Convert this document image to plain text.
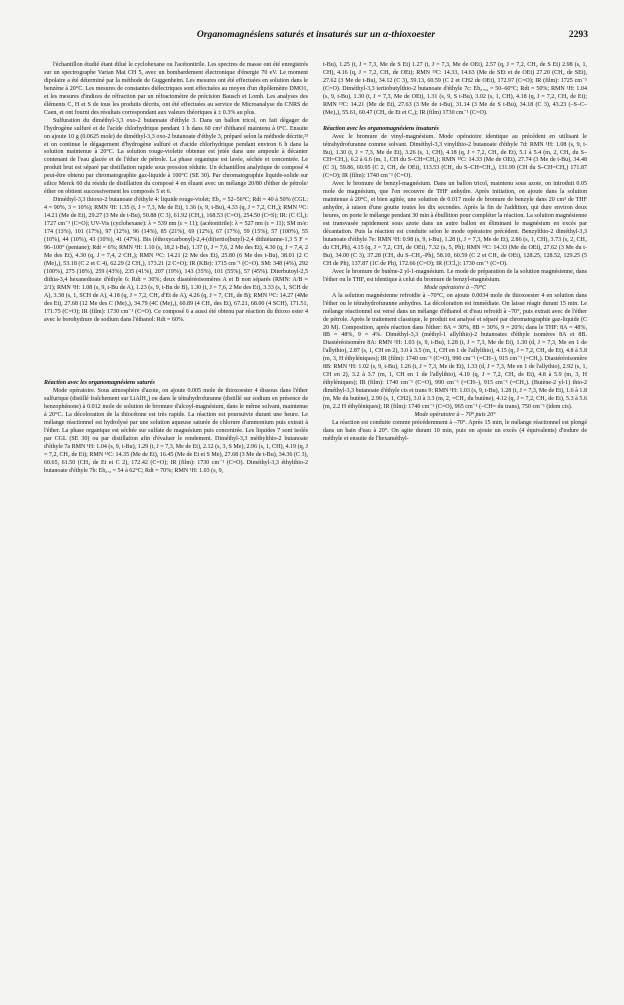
Organomagnésiens saturés et insaturés sur un α-thioxoester	2293

l'échantillon étudié étant dilué le cyclohexane ou l'acétonitrile. Les spectres de masse ont été enregistrés sur un spectrographe Varian Mat CH 5, avec un bombardement électronique d'énergie 70 eV. Le moment dipolaire a été déterminé par la méthode de Guggenheim. Les mesures ont été effectuées en solution dans le benzène à 20°C. Les mesures de constantes diélectriques sont effectuées au moyen d'un dipôlemètre DMO1, et les mesures d'indices de réfraction par un réfractomètre de précision Bausch et Lomb. Les analyses des éléments C, H et S de tous les produits décrits, ont été effectuées au service de Microanalyse du CNRS de Caen, et ont fourni des résultats correspondant aux valeurs théoriques à ± 0.3% au plus.

Sulfuration du diméthyl-3,3 oxo-2 butanoate d'éthyle 3. Dans un ballon tricol, on fait dégager de l'hydrogène sulfuré et de l'acide chlorhydrique pendant 1 h dans 60 cm³ d'éthanol maintenu à 0°C. Ensuite on ajoute 10 g (0.0625 mole) de diméthyl-3,3 oxo-2 butanoate d'éthyle 3, préparé selon la méthode décrite,²³ et on continue le dégagement d'hydrogène sulfuré et d'acide chlorhydrique pendant environ 6 h dans la solution maintenue à 20°C. La solution rouge-violette obtenue est jetée dans une ampoule à décanter contenant de l'eau glacée et de l'éther de pétrole. La phase organique est lavée, séchée et concentrée. Le produit brut est séparé par distillation rapide sous pression réduite. Un échantillon analytique de composé 4 peut-être obtenu par chromatographie gaz-liquide à 100°C (SE 30). Par chromatographie liquide-solide sur silice Merck 60 du résidu de distillation du composé 4 en éluant avec un mélange 20/80 d'éther de pétrole/éther on obtient successivement les composés 5 et 6.

Diméthyl-3,3 thioxo-2 butanoate d'éthyle 4: liquide rouge-violet; Eb₂ = 52–56°C; Rdt = 40 à 50% (CGL: 4 = 90%, 3 = 10%); RMN ¹H: 1.35 (t, J = 7,3, Me de Et), 1.36 (s, 9, t-Bu), 4.33 (q, J = 7,2, CH₂); RMN ¹³C: 14.21 (Me de Et), 29.27 (3 Me de t-Bu), 50.88 (C 3), 61.92 (CH₂), 168.53 (C=O), 254.50 (C=S); IR: (C Cl₄): 1727 cm⁻¹ (C=O); UV-Vis (cyclohexane): λ = 539 nm (ε = 11); (acétonitrile): λ = 527 nm (ε = 11); SM m/e: 174 (13%), 101 (17%), 97 (12%), 96 (14%), 85 (21%), 69 (12%), 67 (17%), 59 (15%), 57 (100%), 55 (10%), 44 (10%), 43 (10%), 41 (47%). Bis (éthoxycarbonyl)-2,4-(di(tertio(butyl)-2,4 dithiétanne-1,3 5 F = 96–100° (pentane); Rdt = 6%; RMN ¹H: 1.10 (s, 18,2 t-Bu), 1.37 (t, J = 7,6, 2 Me des Et), 4.30 (q, J = 7,4, 2 Me des Et), 4.30 (q, J = 7,4, 2 CH₂); RMN ¹³C: 14.21 (2 Me des Et), 25.80 (6 Me des t-Bu), 38.01 (2 C (Me)₃), 53.18 (C 2 et C 4), 62.29 (2 CH₂), 173.21 (2 C=O); IR (KBr): 1715 cm⁻¹ (C=O). SM: 348 (4%), 292 (100%), 275 (18%), 259 (43%), 235 (41%), 207 (19%), 143 (35%), 101 (55%), 57 (45%). Diterbutoyl-2,5 dithia-3,4 hexanedioate d'éthyle 6: Rdt = 30%; deux diastéréoisomères A et B non séparés (RMN: A/B ≈ 2/1); RMN ¹H: 1.08 (s, 9, t-Bu de A), 1.23 (s, 9, t-Bu de B), 1.30 (t, J = 7,6, 2 Me des Et), 3.33 (s, 1, SCH de A), 3.38 (s, 1, SCH de A), 4.18 (q, J = 7,2, CH₂ d'Et de A), 4.26 (q, J = 7, CH₂ de B); RMN ¹³C: 14.27 (4Me des Et), 27.68 (12 Me des C (Me)₃), 34.79 (4C (Me)₃), 60.89 (4 CH₂ des Et), 67.21, 68.00 (4 SCH), 171.51, 171.75 (C=O); IR (film): 1730 cm⁻¹ (C=O). Ce composé 6 a aussi été obtenu par réaction du thioxo ester 4 avec le borohydrure de sodium dans l'éthanol: Rdt = 60%.

Réaction avec les organomagnésiens saturés

Mode opératoire. Sous atmosphère d'azote, on ajoute 0.005 mole de thioxoester 4 dissous dans l'éther sulfurique (distillé fraîchement sur LiAlH₄) ou dans le tétrahydrofuranne (distillé sur sodium en présence de benzophénone) à 0.012 mole de solution de bromure d'alcoyl-magnésium, dans le même solvant, maintenue à 20°C. La décoloration de la thiocétone est très rapide. La réaction est poursuivie durant une heure. Le mélange réactionnel est hydrolysé par une solution aqueuse saturée de chlorure d'ammonium puis extrait à l'éther. La phase organique est séchée sur sulfate de magnésium puis concentrée. Les liquides 7 sont isolés par CGL (SE 30) ou par distillation afin d'évaluer le rendement. Diméthyl-3,3 méthylthio-2 butanoate d'éthyle 7a RMN ¹H: 1.04 (s, 9, t-Bu), 1.29 (t, J = 7,3, Me de Et), 2.12 (s, 3, S Me), 2.96 (s, 1, CH), 4.19 (q, J = 7,2, CH₂ de Et); RMN ¹³C: 14.35 (Me de Et), 16.45 (Me de Et et S Me), 27.68 (3 Me de t-Bu), 34.36 (C 3), 60.65, 61.50 (CH₂ de Et et C 2), 172.42 (C=O); IR (film): 1730 cm⁻¹ (C=O). Diméthyl-3,3 éthylthio-2 butanoate d'éthyle 7b: Eb₀.₂ = 54 à 62°C; Rdt = 70%; RMN ¹H: 1.03 (s, 9,

t-Bu), 1.25 (t, J = 7,3, Me de S Et) 1.27 (t, J = 7,3, Me de OEt), 2.57 (q, J = 7,2, CH₂ de S Et) 2.98 (s, 1, CH), 4.16 (q, J = 7,2, CH₂ de OEt); RMN ¹³C: 14.33, 14.63 (Me de SEt et de OEt) 27.20 (CH₂ de SEt), 27.62 (3 Me de t-Bu), 34.12 (C 3), 59.13, 60.59 (C 2 et CH2 de OEt), 172.97 (C=O); IR (film): 1725 cm⁻¹ (C=O). Diméthyl-3,3 tertiobutylthio-2 butanoate d'éthyle 7c: Eb₀.₀₄ = 50–60°C; Rdt = 50%; RMN ¹H: 1.04 (s, 9, t-Bu), 1.30 (t, J = 7,3, Me de OEt), 1.31 (s, 9, S t-Bu), 3.02 (s, 1, CH), 4.18 (q, J = 7,2, CH₂ de Et); RMN ¹³C: 14.21 (Me de Et), 27.63 (3 Me de t-Bu), 31.14 (3 Me de S t-Bu), 34.18 (C 3), 43.23 (–S–C–(Me)₃), 55.61, 60.47 (CH₂ de Et et C₂); IR (film) 1730 cm⁻¹ (C=O).

Réaction avec les organomagnésiens insaturés

Avec le bromure de vinyl-magnésium. Mode opératoire identique au précédent en utilisant le tétrahydrofuranne comme solvant. Diméthyl-3,3 vinylthio-2 butanoate d'éthyle 7d: RMN ¹H: 1.08 (s, 9, t-Bu), 1.30 (t, J = 7,3, Me de Et), 3.26 (s, 1, CH), 4.18 (q, J = 7,2, CH₂ de Et), 5.1 à 5.4 (m, 2, CH₂ du S–CH=CH₂), 6.2 à 6.6 (m, 1, CH du S–CH=CH₂); RMN ¹³C: 14.33 (Me de OEt), 27.74 (3 Me de t-Bu), 34.48 (C 3), 59.86, 60.95 (C 2, CH₂ de OEt), 113.53 (CH₂ du S–CH=CH₂), 131.99 (CH du S–CH=CH₂) 171.87 (C=O); IR (film): 1740 cm⁻¹ (C=O).

Avec le bromure de benzyl-magnésium. Dans un ballon tricol, maintenu sous azote, on introduit 0.05 mole de magnésium, que l'on recouvre de THF anhydre. Après initiation, on ajoute dans la solution maintenue à 20°C, et bien agitée, une solution de 0.017 mole de bromure de benzyle dans 20 cm³ de THF anhydre, à raison d'une goutte toutes les dix secondes. Après la fin de l'addition, qui dure environ deux heures, on porte le mélange pendant 30 min à ébullition pour compléter la réaction. La solution magnésienne est transvasée rapidement sous azote dans un autre ballon en éliminant le magnésium en excès par décantation. Puis la réaction est conduite selon le mode opératoire précédent. Benzylthio-2 diméthyl-3,3 butanoate d'éthyle 7e: RMN ¹H: 0.98 (s, 9, t-Bu), 1.28 (t, J = 7,3, Me de Et), 2.86 (s, 1, CH), 3.73 (s, 2, CH₂ du CH₂Ph), 4.15 (q, J = 7,2, CH₂ de OEt), 7.32 (s, 5, Ph); RMN ¹³C: 14.33 (Me du OEt), 27.62 (3 Me du t-Bu), 34.00 (C 3), 37.28 (CH₂ du S–CH₂–Ph), 58.10, 60.59 (C 2 et CH₂ de OEt), 128.25, 128.52, 129.25 (5 CH de Ph), 137.87 (1C de Ph), 172.66 (C=O); IR (CCl₄): 1730 cm⁻¹ (C=O).

Avec le bromure de butène-2 yl-1-magnésium. Le mode de préparation de la solution magnésienne, dans l'éther ou le THF, est identique à celui du bromure de benzyl-magnésium.

Mode opératoire à –70°C

A la solution magnésienne refroidie à –70°C, on ajoute 0.0034 mole de thioxoester 4 en solution dans l'éther ou le tétrahydrofuranne anhydres. La décoloration est immédiate. On laisse réagir durant 15 min. Le mélange réactionnel est versé dans un mélange d'éthanol et d'eau refroidi à –70°, puis extrait avec de l'éther de pétrole. Après le traitement classique, le produit est analysé et séparé par chromatographie gaz-liquide (C 20 M). Composition, après réaction dans l'éther: 8A = 30%, 8B = 30%, 9 = 20%; dans le THF: 8A = 48%, 8B = 48%, 9 = 4%. Diméthyl-3,3 (méthyl-1 allylthio)-2 butanoates d'éthyle isomères 8A et 8B. Diastéréoisomère 8A: RMN ¹H: 1.03 (s, 9, t-Bu), 1.28 (t, J = 7,3, Me de Et), 1.30 (d, J = 7,3, Me en 1 de l'allythio), 2.87 (s, 1, CH en 2), 3.0 à 3.5 (m, 1, CH en 1 de l'allylthio), 4.15 (q, J = 7,2, CH₂ de Et), 4.8 à 5.8 (m, 3, H éthyléniques); IR (film): 1740 cm⁻¹ (C=O), 990 cm⁻¹ (=CH–), 915 cm⁻¹ (=CH₂). Diastéréoisomère 8B: RMN ¹H: 1.02 (s, 9, t-Bu), 1.26 (t, J = 7,3, Me de Et), 1.33 (d, J = 7,3, Me en 1 de l'allythio), 2.92 (s, 1, CH en 2), 3.2 à 3.7 (m, 1, CH en 1 de l'allylthio), 4.10 (q, J = 7,2, CH₂ de Et), 4.8 à 5.9 (m, 3, H éthyléniques); IR (film): 1740 cm⁻¹ (C=O), 990 cm⁻¹ (=CH–), 915 cm⁻¹ (=CH₂). (Butène-2 yl-1) thio-2 diméthyl-3,3 butanoate d'éthyle cis et trans 9: RMN ¹H: 1.03 (s, 9, t-Bu), 1.28 (t, J = 7,3, Me de Et), 1.6 à 1.8 (m, Me du butène), 2.90 (s, 1, CH2), 3.0 à 3.3 (m, 2, =CH₂ du butène), 4.12 (q, J = 7,2, CH₂ de Et), 5.3 à 5.6 (m, 2.2 H éthyléniques); IR (film): 1740 cm⁻¹ (C=O), 965 cm⁻¹ (–CH= du trans), 750 cm⁻¹ (idem cis).

Mode opératoire à – 70° puis 20°

La réaction est conduite comme précédemment à –70°. Après 15 min, le mélange réactionnel est plongé dans un bain d'eau à 20°. On agite durant 10 min, puis on ajoute un excès (4 équivalents) d'iodure de méthyle et ensuite de l'hexaméthyl-
